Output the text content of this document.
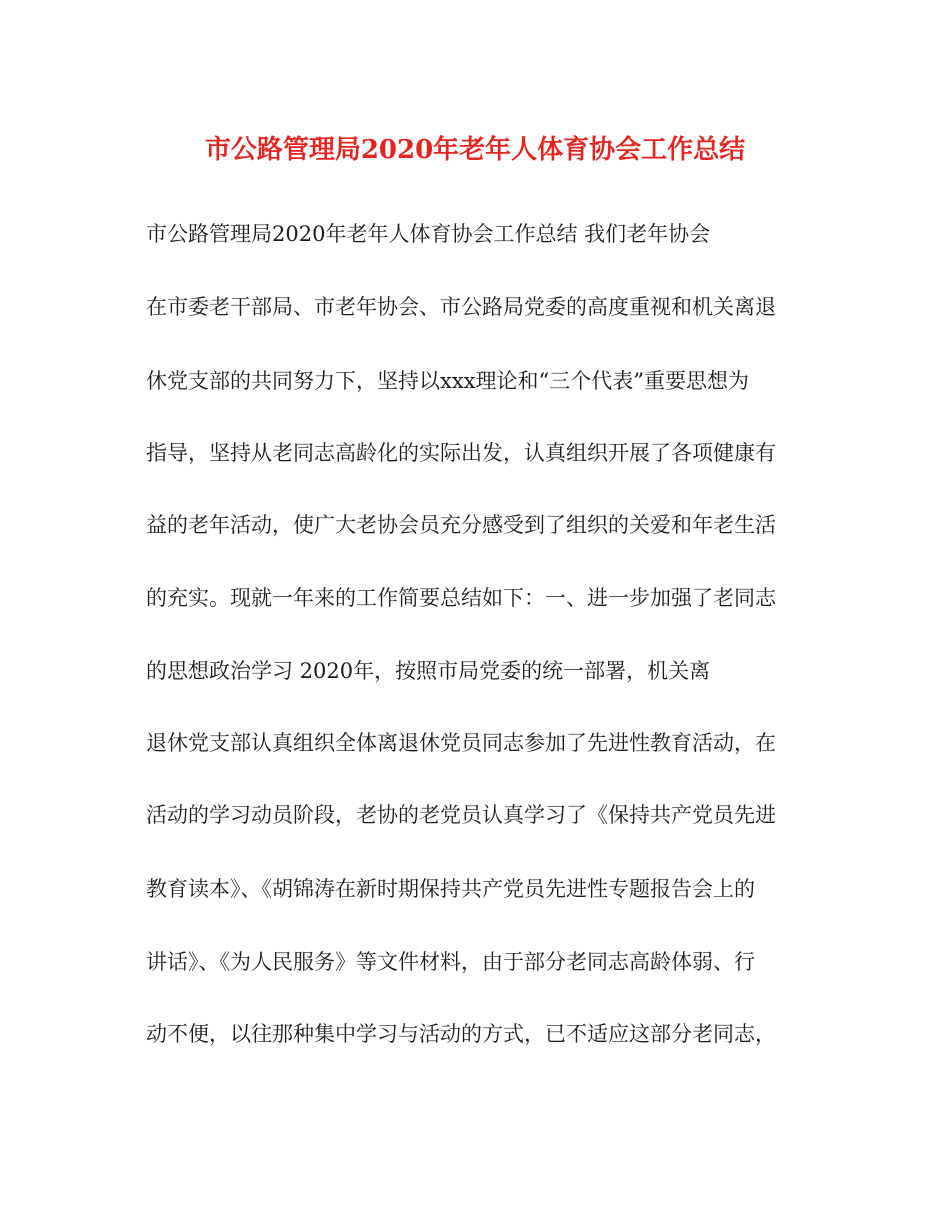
市公路管理局2020年老年人体育协会工作总结
市公路管理局2020年老年人体育协会工作总结 我们老年协会
在市委老干部局、市老年协会、市公路局党委的高度重视和机关离退
休党支部的共同努力下，坚持以xxx理论和“三个代表”重要思想为
指导，坚持从老同志高龄化的实际出发，认真组织开展了各项健康有
益的老年活动，使广大老协会员充分感受到了组织的关爱和年老生活
的充实。现就一年来的工作简要总结如下：一、进一步加强了老同志
的思想政治学习 2020年，按照市局党委的统一部署，机关离
退休党支部认真组织全体离退休党员同志参加了先进性教育活动，在
活动的学习动员阶段，老协的老党员认真学习了《保持共产党员先进
教育读本》、《胡锦涛在新时期保持共产党员先进性专题报告会上的
讲话》、《为人民服务》等文件材料，由于部分老同志高龄体弱、行
动不便，以往那种集中学习与活动的方式，已不适应这部分老同志，
